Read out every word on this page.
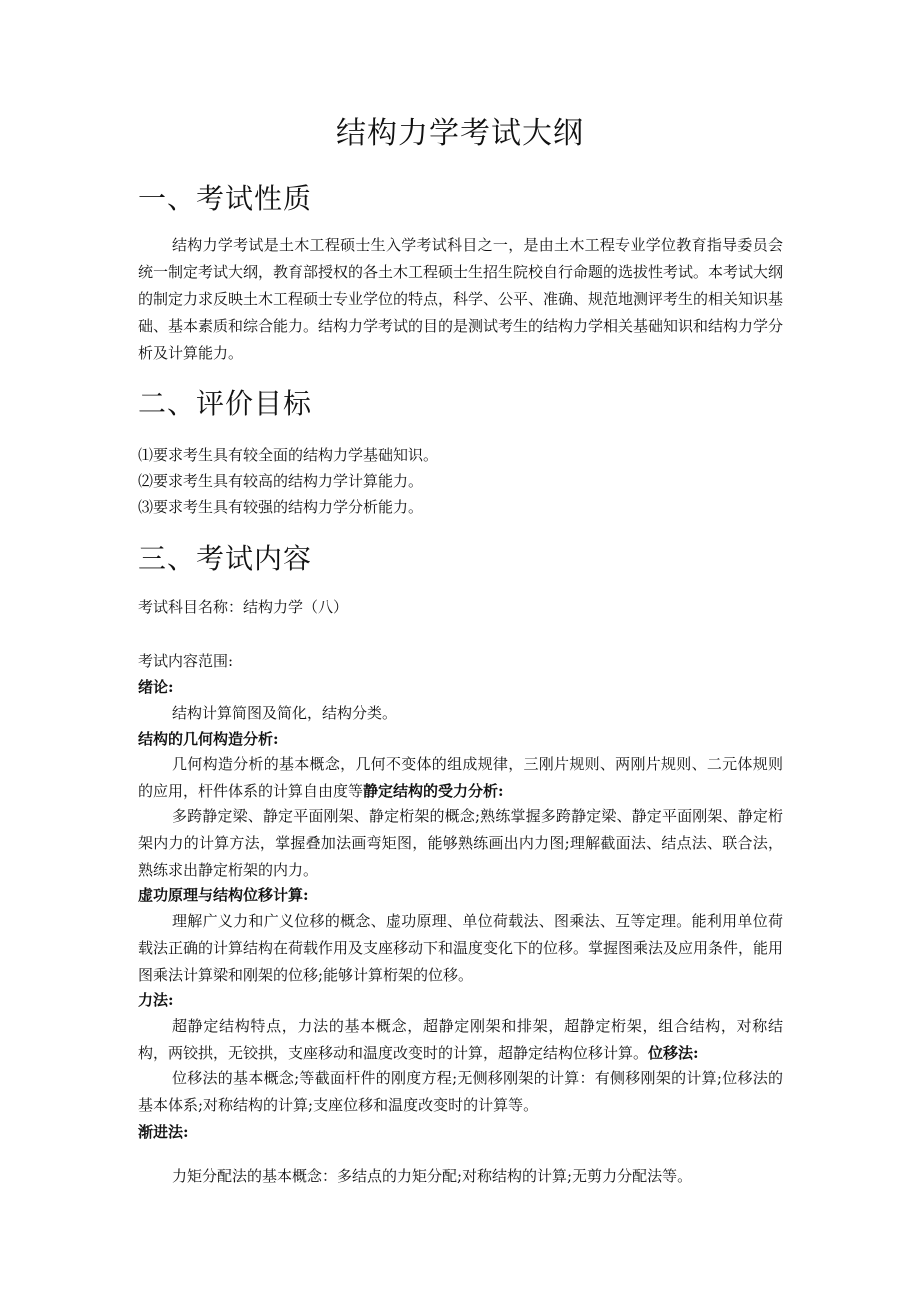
结构力学考试大纲
一、考试性质
结构力学考试是土木工程硕士生入学考试科目之一，是由土木工程专业学位教育指导委员会统一制定考试大纲，教育部授权的各土木工程硕士生招生院校自行命题的选拔性考试。本考试大纲的制定力求反映土木工程硕士专业学位的特点，科学、公平、准确、规范地测评考生的相关知识基础、基本素质和综合能力。结构力学考试的目的是测试考生的结构力学相关基础知识和结构力学分析及计算能力。
二、评价目标
⑴要求考生具有较全面的结构力学基础知识。
⑵要求考生具有较高的结构力学计算能力。
⑶要求考生具有较强的结构力学分析能力。
三、考试内容
考试科目名称：结构力学（八）
考试内容范围:
绪论:
结构计算简图及简化，结构分类。
结构的几何构造分析:
几何构造分析的基本概念，几何不变体的组成规律，三刚片规则、两刚片规则、二元体规则的应用，杆件体系的计算自由度等静定结构的受力分析:
多跨静定梁、静定平面刚架、静定桁架的概念;熟练掌握多跨静定梁、静定平面刚架、静定桁架内力的计算方法，掌握叠加法画弯矩图，能够熟练画出内力图;理解截面法、结点法、联合法，熟练求出静定桁架的内力。
虚功原理与结构位移计算:
理解广义力和广义位移的概念、虚功原理、单位荷载法、图乘法、互等定理。能利用单位荷载法正确的计算结构在荷载作用及支座移动下和温度变化下的位移。掌握图乘法及应用条件，能用图乘法计算梁和刚架的位移;能够计算桁架的位移。
力法:
超静定结构特点，力法的基本概念，超静定刚架和排架，超静定桁架，组合结构，对称结构，两铰拱，无铰拱，支座移动和温度改变时的计算，超静定结构位移计算。位移法:
位移法的基本概念;等截面杆件的刚度方程;无侧移刚架的计算：有侧移刚架的计算;位移法的基本体系;对称结构的计算;支座位移和温度改变时的计算等。
渐进法:
力矩分配法的基本概念：多结点的力矩分配;对称结构的计算;无剪力分配法等。
